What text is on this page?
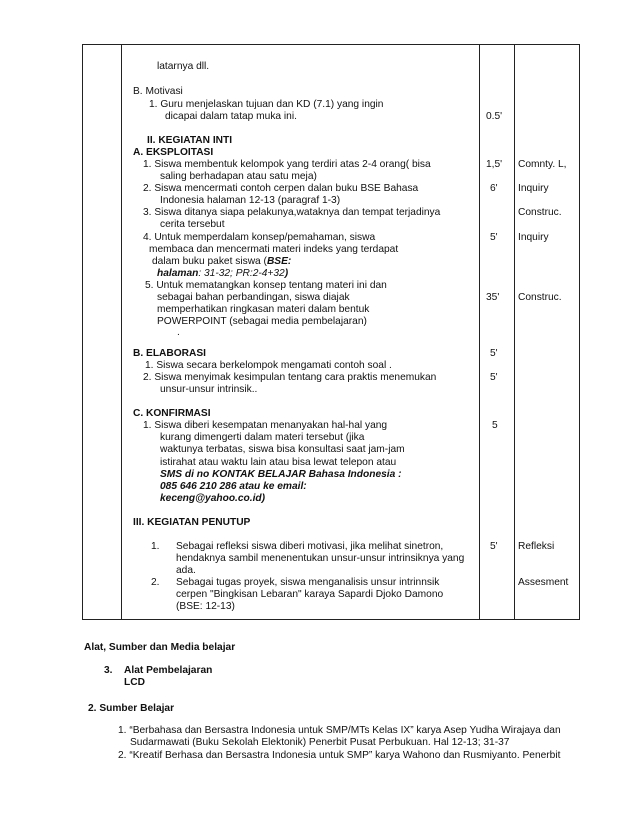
latarnya dll.
B. Motivasi
1. Guru menjelaskan tujuan dan KD (7.1) yang ingin
dicapai dalam tatap muka ini.
II. KEGIATAN INTI
A. EKSPLOITASI
1. Siswa membentuk kelompok yang terdiri atas 2-4 orang( bisa
saling berhadapan atau satu meja)
2. Siswa mencermati contoh cerpen dalan buku BSE Bahasa
Indonesia halaman 12-13 (paragraf 1-3)
3. Siswa ditanya siapa pelakunya,wataknya dan tempat terjadinya
cerita tersebut
4. Untuk memperdalam konsep/pemahaman, siswa
membaca dan mencermati materi indeks yang terdapat
dalam buku paket siswa (BSE:
halaman: 31-32; PR:2-4+32)
5. Untuk mematangkan konsep tentang materi ini dan
sebagai bahan perbandingan, siswa diajak
memperhatikan ringkasan materi dalam bentuk
POWERPOINT (sebagai media pembelajaran)
.
B. ELABORASI
1. Siswa secara berkelompok mengamati contoh soal .
2. Siswa menyimak kesimpulan tentang cara praktis menemukan
unsur-unsur intrinsik..
C. KONFIRMASI
1. Siswa diberi kesempatan menanyakan hal-hal yang
kurang dimengerti dalam materi tersebut (jika
waktunya terbatas, siswa bisa konsultasi saat jam-jam
istirahat atau waktu lain atau bisa lewat telepon atau
SMS di no KONTAK BELAJAR Bahasa Indonesia :
085 646 210 286 atau ke email:
keceng@yahoo.co.id)
III. KEGIATAN PENUTUP
1. Sebagai refleksi siswa diberi motivasi, jika melihat sinetron,
hendaknya sambil menenentukan unsur-unsur intrinsiknya yang
ada.
2. Sebagai tugas proyek, siswa menganalisis unsur intrinnsik
cerpen "Bingkisan Lebaran" karaya Sapardi Djoko Damono
(BSE: 12-13)
0.5'
1,5'
6'
5'
35'
5'
5'
5
5'
Comnty. L,
Inquiry
Construc.
Inquiry
Construc.
Refleksi
Assesment
Alat, Sumber dan Media belajar
3. Alat Pembelajaran
LCD
2. Sumber Belajar
1. “Berbahasa dan Bersastra Indonesia untuk SMP/MTs Kelas IX” karya Asep Yudha Wirajaya dan
Sudarmawati (Buku Sekolah Elektonik) Penerbit Pusat Perbukuan. Hal 12-13; 31-37
2. “Kreatif Berhasa dan Bersastra Indonesia untuk SMP” karya Wahono dan Rusmiyanto. Penerbit
